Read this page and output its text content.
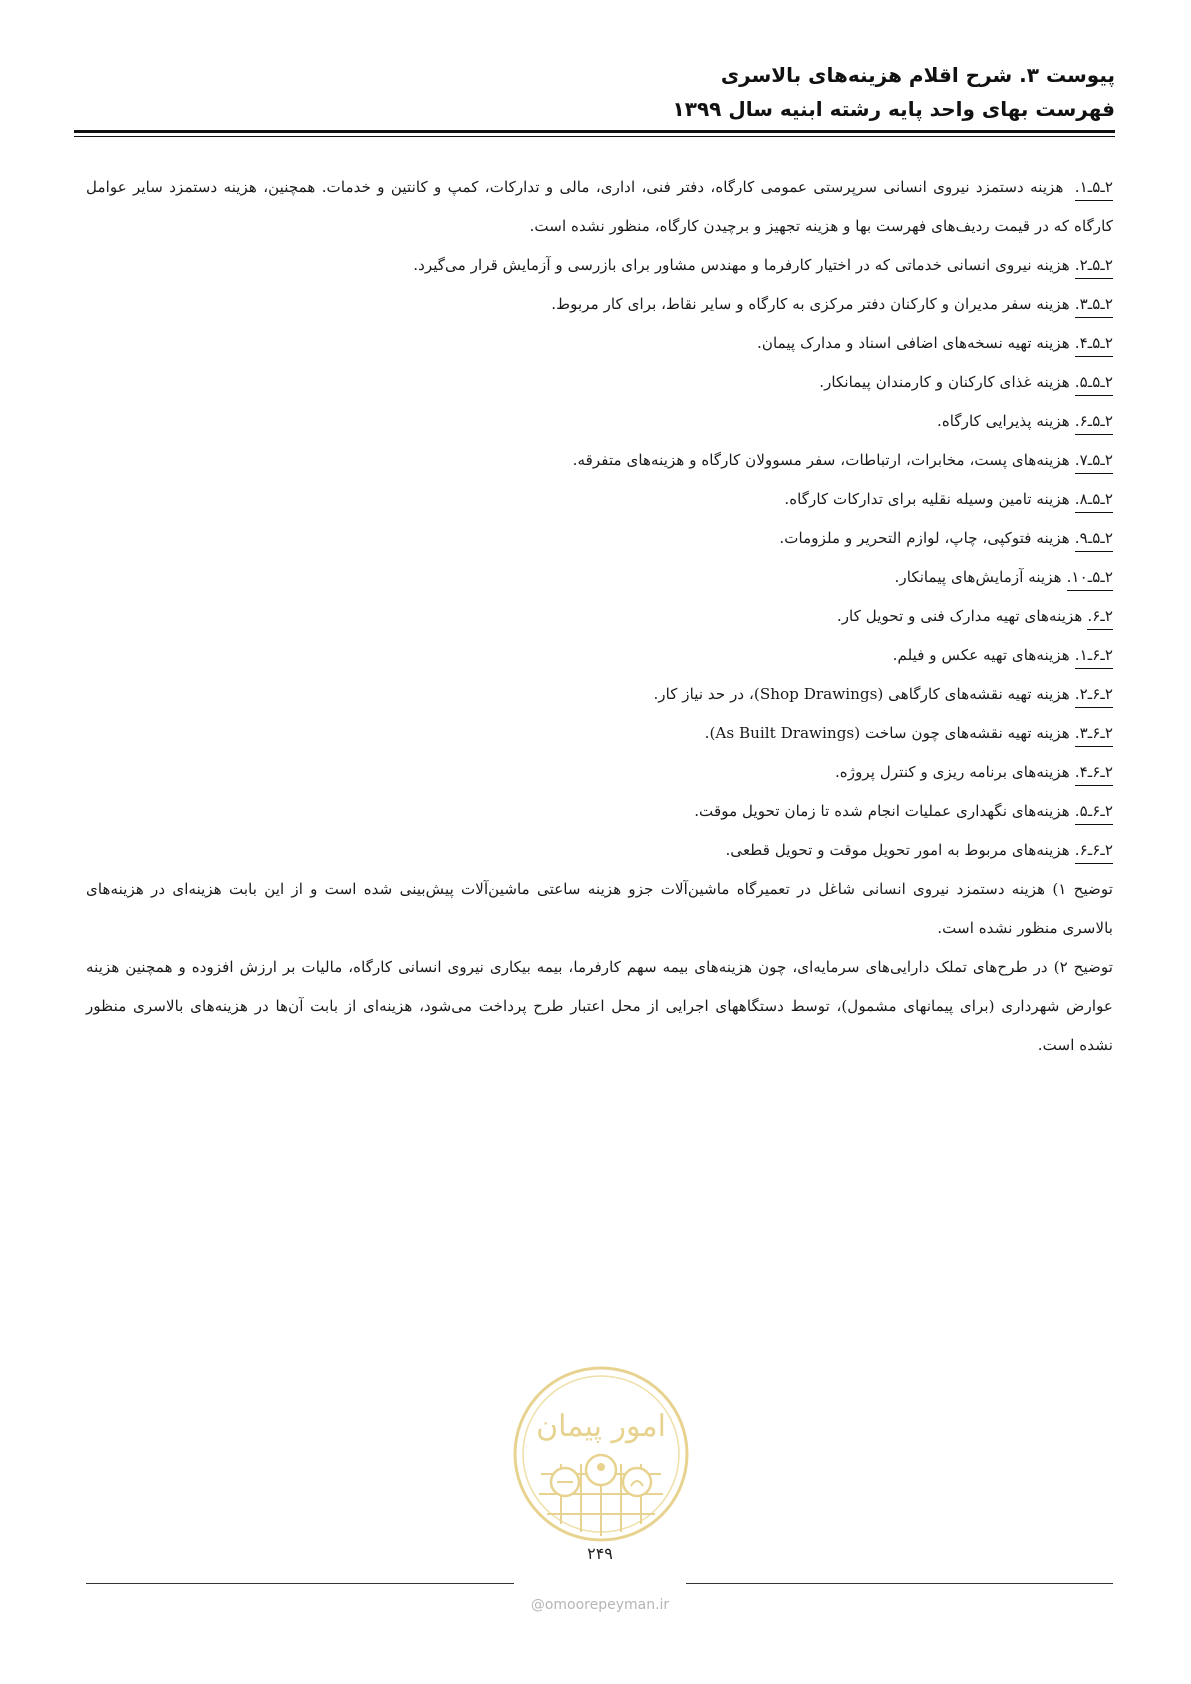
پیوست ۳. شرح اقلام هزینه‌های بالاسری
فهرست بهای واحد پایه رشته ابنیه سال ۱۳۹۹

۲ـ۵ـ۱. هزینه دستمزد نیروی انسانی سرپرستی عمومی کارگاه، دفتر فنی، اداری، مالی و تدارکات، کمپ و کانتین و خدمات. همچنین، هزینه دستمزد سایر عوامل کارگاه که در قیمت ردیف‌های فهرست بها و هزینه تجهیز و برچیدن کارگاه، منظور نشده است.

۲ـ۵ـ۲.هزینه نیروی انسانی خدماتی که در اختیار کارفرما و مهندس مشاور برای بازرسی و آزمایش قرار می‌گیرد.

۲ـ۵ـ۳.هزینه سفر مدیران و کارکنان دفتر مرکزی به کارگاه و سایر نقاط، برای کار مربوط.

۲ـ۵ـ۴.هزینه تهیه نسخه‌های اضافی اسناد و مدارک پیمان.

۲ـ۵ـ۵.هزینه غذای کارکنان و کارمندان پیمانکار.

۲ـ۵ـ۶.هزینه پذیرایی کارگاه.

۲ـ۵ـ۷.هزینه‌های پست، مخابرات، ارتباطات، سفر مسوولان کارگاه و هزینه‌های متفرقه.

۲ـ۵ـ۸.هزینه تامین وسیله نقلیه برای تدارکات کارگاه.

۲ـ۵ـ۹.هزینه فتوکپی، چاپ، لوازم التحریر و ملزومات.

۲ـ۵ـ۱۰.هزینه آزمایش‌های پیمانکار.

۲ـ۶.هزینه‌های تهیه مدارک فنی و تحویل کار.

۲ـ۶ـ۱.هزینه‌های تهیه عکس و فیلم.

۲ـ۶ـ۲.هزینه تهیه نقشه‌های کارگاهی (Shop Drawings)، در حد نیاز کار.

۲ـ۶ـ۳.هزینه تهیه نقشه‌های چون ساخت (As Built Drawings).

۲ـ۶ـ۴.هزینه‌های برنامه ریزی و کنترل پروژه.

۲ـ۶ـ۵.هزینه‌های نگهداری عملیات انجام شده تا زمان تحویل موقت.

۲ـ۶ـ۶.هزینه‌های مربوط به امور تحویل موقت و تحویل قطعی.

توضیح ۱) هزینه دستمزد نیروی انسانی شاغل در تعمیرگاه ماشین‌آلات جزو هزینه ساعتی ماشین‌آلات پیش‌بینی شده است و از این بابت هزینه‌ای در هزینه‌های بالاسری منظور نشده است.

توضیح ۲) در طرح‌های تملک دارایی‌های سرمایه‌ای، چون هزینه‌های بیمه سهم کارفرما، بیمه بیکاری نیروی انسانی کارگاه، مالیات بر ارزش افزوده و همچنین هزینه عوارض شهرداری (برای پیمانهای مشمول)، توسط دستگاههای اجرایی از محل اعتبار طرح پرداخت می‌شود، هزینه‌ای از بابت آن‌ها در هزینه‌های بالاسری منظور نشده است.

امور پیمان
۲۴۹
@omoorepeyman.ir
